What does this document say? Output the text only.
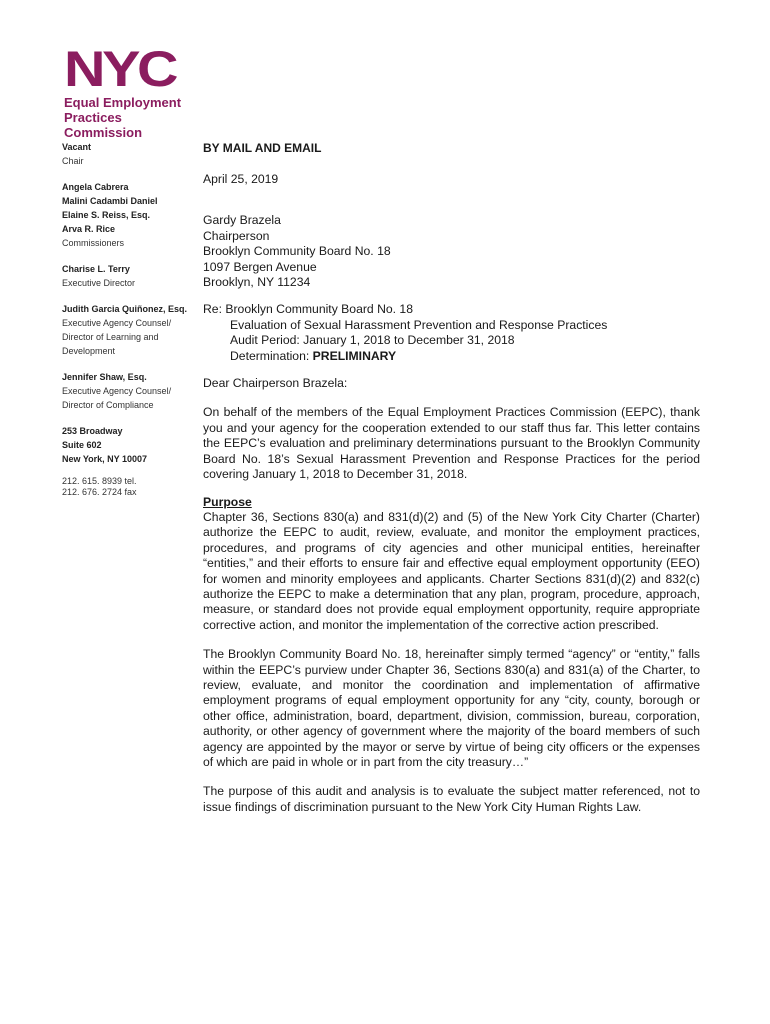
NYC
Equal Employment
Practices Commission
Vacant
Chair
Angela Cabrera
Malini Cadambi Daniel
Elaine S. Reiss, Esq.
Arva R. Rice
Commissioners
Charise L. Terry
Executive Director
Judith Garcia Quiñonez, Esq.
Executive Agency Counsel/
Director of Learning and
Development
Jennifer Shaw, Esq.
Executive Agency Counsel/
Director of Compliance
253 Broadway
Suite 602
New York, NY 10007
212. 615. 8939 tel.
212. 676. 2724 fax
BY MAIL AND EMAIL
April 25, 2019
Gardy Brazela
Chairperson
Brooklyn Community Board No. 18
1097 Bergen Avenue
Brooklyn, NY 11234
Re: Brooklyn Community Board No. 18
Evaluation of Sexual Harassment Prevention and Response Practices
Audit Period: January 1, 2018 to December 31, 2018
Determination: PRELIMINARY
Dear Chairperson Brazela:
On behalf of the members of the Equal Employment Practices Commission (EEPC), thank you and your agency for the cooperation extended to our staff thus far. This letter contains the EEPC’s evaluation and preliminary determinations pursuant to the Brooklyn Community Board No. 18’s Sexual Harassment Prevention and Response Practices for the period covering January 1, 2018 to December 31, 2018.
Purpose
Chapter 36, Sections 830(a) and 831(d)(2) and (5) of the New York City Charter (Charter) authorize the EEPC to audit, review, evaluate, and monitor the employment practices, procedures, and programs of city agencies and other municipal entities, hereinafter “entities,” and their efforts to ensure fair and effective equal employment opportunity (EEO) for women and minority employees and applicants. Charter Sections 831(d)(2) and 832(c) authorize the EEPC to make a determination that any plan, program, procedure, approach, measure, or standard does not provide equal employment opportunity, require appropriate corrective action, and monitor the implementation of the corrective action prescribed.
The Brooklyn Community Board No. 18, hereinafter simply termed “agency” or “entity,” falls within the EEPC’s purview under Chapter 36, Sections 830(a) and 831(a) of the Charter, to review, evaluate, and monitor the coordination and implementation of affirmative employment programs of equal employment opportunity for any “city, county, borough or other office, administration, board, department, division, commission, bureau, corporation, authority, or other agency of government where the majority of the board members of such agency are appointed by the mayor or serve by virtue of being city officers or the expenses of which are paid in whole or in part from the city treasury…”
The purpose of this audit and analysis is to evaluate the subject matter referenced, not to issue findings of discrimination pursuant to the New York City Human Rights Law.
